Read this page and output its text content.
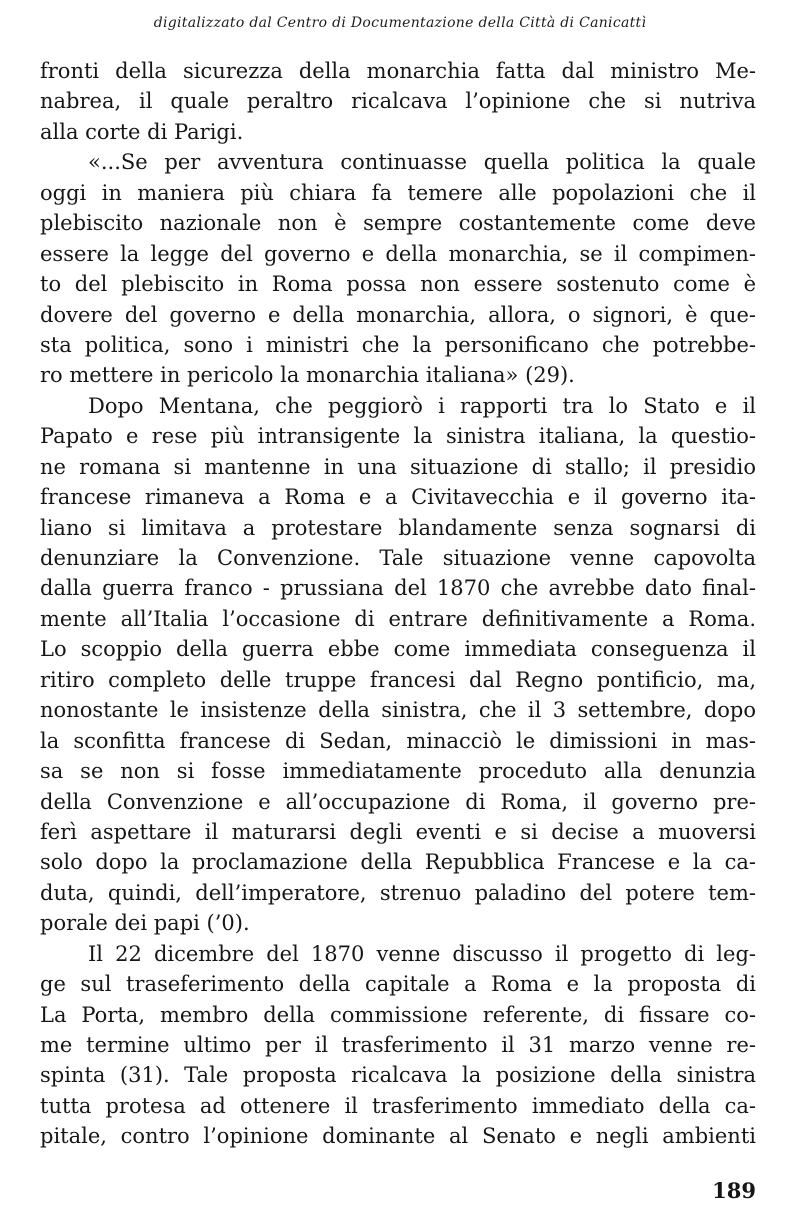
digitalizzato dal Centro di Documentazione della Città di Canicattì
fronti della sicurezza della monarchia fatta dal ministro Me-
nabrea, il quale peraltro ricalcava l’opinione che si nutriva
alla corte di Parigi.
«...Se per avventura continuasse quella politica la quale
oggi in maniera più chiara fa temere alle popolazioni che il
plebiscito nazionale non è sempre costantemente come deve
essere la legge del governo e della monarchia, se il compimen-
to del plebiscito in Roma possa non essere sostenuto come è
dovere del governo e della monarchia, allora, o signori, è que-
sta politica, sono i ministri che la personificano che potrebbe-
ro mettere in pericolo la monarchia italiana» (29).
Dopo Mentana, che peggiorò i rapporti tra lo Stato e il
Papato e rese più intransigente la sinistra italiana, la questio-
ne romana si mantenne in una situazione di stallo; il presidio
francese rimaneva a Roma e a Civitavecchia e il governo ita-
liano si limitava a protestare blandamente senza sognarsi di
denunziare la Convenzione. Tale situazione venne capovolta
dalla guerra franco - prussiana del 1870 che avrebbe dato final-
mente all’Italia l’occasione di entrare definitivamente a Roma.
Lo scoppio della guerra ebbe come immediata conseguenza il
ritiro completo delle truppe francesi dal Regno pontificio, ma,
nonostante le insistenze della sinistra, che il 3 settembre, dopo
la sconfitta francese di Sedan, minacciò le dimissioni in mas-
sa se non si fosse immediatamente proceduto alla denunzia
della Convenzione e all’occupazione di Roma, il governo pre-
ferì aspettare il maturarsi degli eventi e si decise a muoversi
solo dopo la proclamazione della Repubblica Francese e la ca-
duta, quindi, dell’imperatore, strenuo paladino del potere tem-
porale dei papi (’0).
Il 22 dicembre del 1870 venne discusso il progetto di leg-
ge sul traseferimento della capitale a Roma e la proposta di
La Porta, membro della commissione referente, di fissare co-
me termine ultimo per il trasferimento il 31 marzo venne re-
spinta (31). Tale proposta ricalcava la posizione della sinistra
tutta protesa ad ottenere il trasferimento immediato della ca-
pitale, contro l’opinione dominante al Senato e negli ambienti
189
